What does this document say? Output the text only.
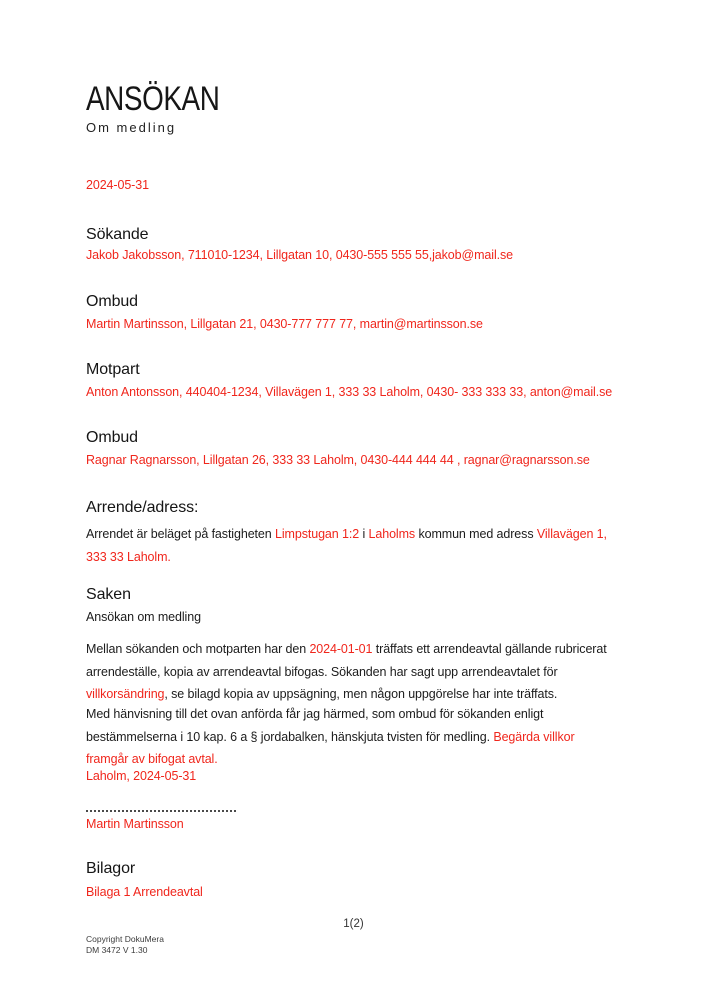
ANSÖKAN
Om medling
2024-05-31
Sökande
Jakob Jakobsson, 711010-1234, Lillgatan 10, 0430-555 555 55,jakob@mail.se
Ombud
Martin Martinsson, Lillgatan 21, 0430-777 777 77, martin@martinsson.se
Motpart
Anton Antonsson, 440404-1234, Villavägen 1, 333 33 Laholm, 0430- 333 333 33, anton@mail.se
Ombud
Ragnar Ragnarsson, Lillgatan 26, 333 33 Laholm, 0430-444 444 44 , ragnar@ragnarsson.se
Arrende/adress:
Arrendet är beläget på fastigheten Limpstugan 1:2 i Laholms kommun med adress Villavägen 1,
333 33 Laholm.
Saken
Ansökan om medling
Mellan sökanden och motparten har den 2024-01-01 träffats ett arrendeavtal gällande rubricerat
arrendeställe, kopia av arrendeavtal bifogas. Sökanden har sagt upp arrendeavtalet för
villkorsändring, se bilagd kopia av uppsägning, men någon uppgörelse har inte träffats.
Med hänvisning till det ovan anförda får jag härmed, som ombud för sökanden enligt
bestämmelserna i 10 kap. 6 a § jordabalken, hänskjuta tvisten för medling. Begärda villkor
framgår av bifogat avtal.
Laholm, 2024-05-31
Martin Martinsson
Bilagor
Bilaga 1 Arrendeavtal
1(2)
Copyright DokuMera
DM 3472 V 1.30
